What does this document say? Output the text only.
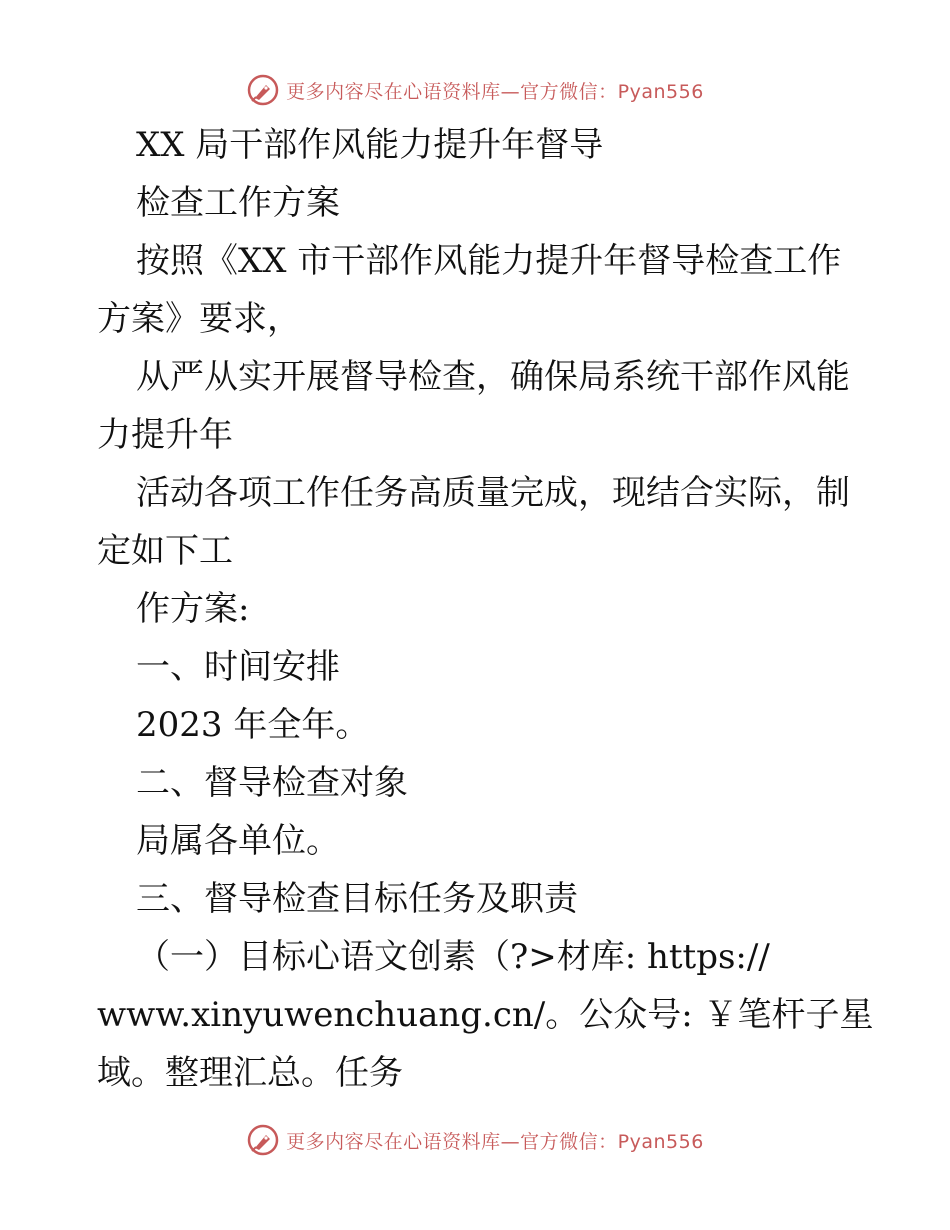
更多内容尽在心语资料库—官方微信：Pyan556
XX 局干部作风能力提升年督导
检查工作方案
按照《XX 市干部作风能力提升年督导检查工作
方案》要求，
从严从实开展督导检查，确保局系统干部作风能
力提升年
活动各项工作任务高质量完成，现结合实际，制
定如下工
作方案:
一、时间安排
2023 年全年。
二、督导检查对象
局属各单位。
三、督导检查目标任务及职责
（一）目标心语文创素（?>材库: https://
www.xinyuwenchuang.cn/。公众号: ￥笔杆子星
域。整理汇总。任务
更多内容尽在心语资料库—官方微信：Pyan556
